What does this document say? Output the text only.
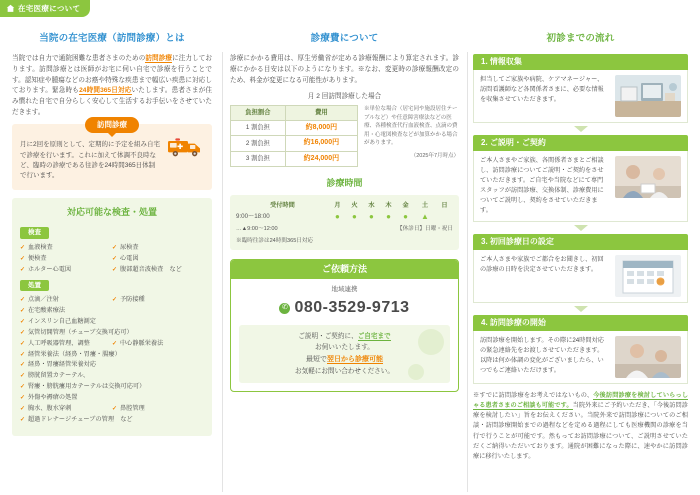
在宅医療について
当院の在宅医療（訪問診療）とは

当院では自力で通院困難な患者さまのための訪問診療に注力しております。訪問診療とは医師がお宅に伺い自宅で診療を行うことです。認知症や腫瘍などのお癌や特殊な疾患まで幅広い疾患に対応しております。緊急時も24時間365日対応いたします。患者さまが住み慣れた自宅で自分らしく安心して生活するお手伝いをさせていただきます。

訪問診療

月に2回を原則として、定期的に予定を組み自宅で診療を行います。これに加えて体調不良時など、臨時の診療である往診を24時間365日体制で行います。

対応可能な検査・処置
検査
✓ 血液検査	✓ 尿検査
✓ 便検査	✓ 心電図
✓ ホルター心電図	✓ 腹部超音波検査　など
処置
✓ 点滴／注射	✓ 予防接種
✓ 在宅酸素療法
✓ インスリン自己血糖測定
✓ 気管切開管理（チューブ交換可応可）
✓ 人工呼吸器管理、調整	✓ 中心静脈栄養法
✓ 経管栄養法（経鼻・胃瘻・腸瘻）
✓ 経鼻・胃瘻経管栄養対応
✓ 膀胱留置カテーテル、
✓ 腎瘻・膀胱瘻用カテーテルは交換可応可）
✓ 外傷や褥瘡の処置
✓ 胸水、腹水穿刺	✓ 鼻腔管理
✓ 超過ドレナージチューブの管理　など
診療費について

診療にかかる費用は、厚生労働省が定める診療報酬により算定されます。診療にかかる目安は以下のようになります。※なお、変更時の診療報酬改定のため、料金が変更になる可能性があります。

月 2 回訪問診療した場合
負担割合	費用
1 割負担	約8,000円
2 割負担	約16,000円
3 割負担	約24,000円
※単位な場合（居宅同や施設居住テーブルなど）や任意障害療法などの医療、各種検査代行血液検査、点滴の費用・心電図検査などが加算かかる場合があります。
（2025年7月時点）
診療時間
受付時間	月	火	水	木	金	土	日
9:00〜18:00	●	●	●	●	●	▲	
…▲9:00〜12:00	【休診日】日曜・祝日
※臨時往診は24時間365日対応
ご依頼方法
地域連携
✆ 080-3529-9713
ご説明・ご契約に、ご自宅まで
お伺いいたします。
最短で翌日から診療可能
お気軽にお問い合わせください。
初診までの流れ
1. 情報収集
担当してご家族や病院、ケアマネージャー、訪問看護師など各関係者さまに、必要な情報を収集させていただきます。
2. ご説明・ご契約
ご本人さまやご家族、各関係者さまとご相談し、訪問診療についてご説明・ご契約をさせていただきます。ご自宅や当院などにて専門スタッフが訪問診療、交換体制、診療費用についてご説明し、契約をさせていただきます。
3. 初回診療日の設定
ご本人さまや家族でご都合をお聞きし、初回の診療の日時を決定させていただきます。
4. 訪問診療の開始
訪問診療を開始します。その際に24時間対応の緊急連絡先をお渡しさせていただきます。以降は何か体調の変化がございましたら、いつでもご連絡いただけます。
※すでに訪問診療をお考えではないもの、今後訪問診療を検討していらっしゃる患者さまのご相談も可能です。当院外来にご予約いただき、「今後訪問診療を検討したい」旨をお伝えください。当院外来で訪問診療についてのご相談・訪問診療開始までの過程などを定める過程にしても医療機関の診療を当行で行うことが可能です。然もってお訪問診療について、ご説明させていただくご納得いただいております。通院が困難になった際に、速やかに訪問診療に移行いたします。
